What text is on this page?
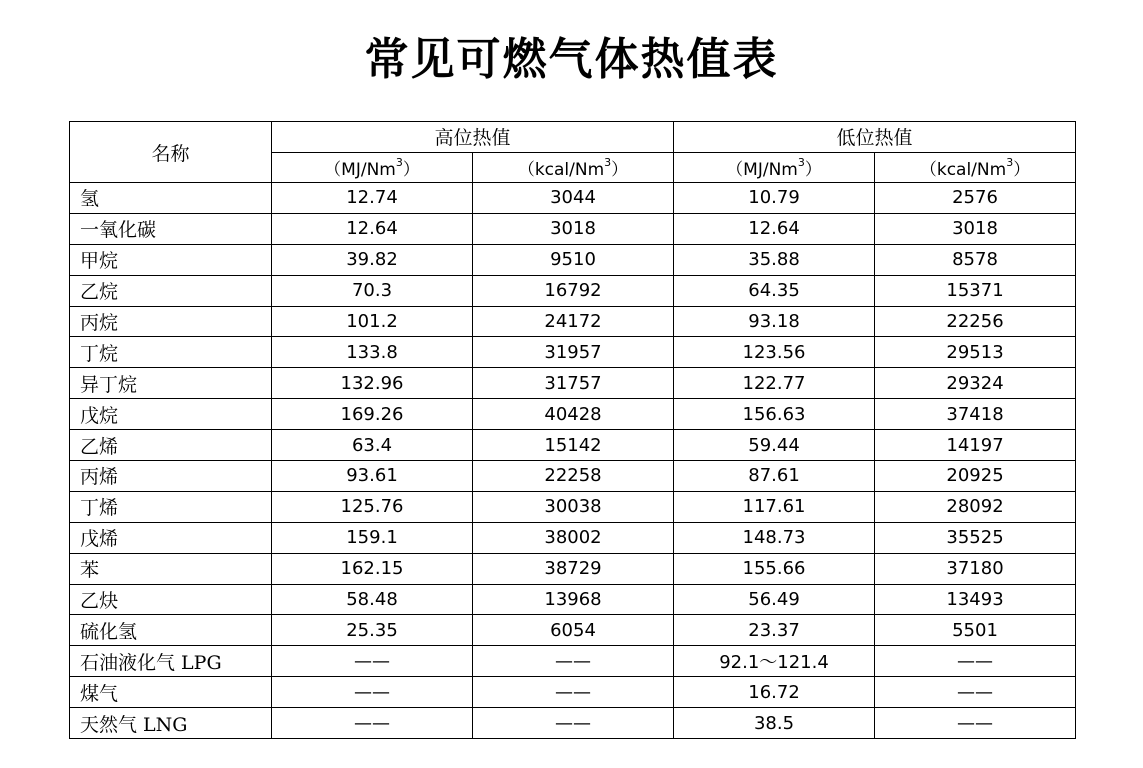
常见可燃气体热值表
名称	高位热值		低位热值	
	（MJ/Nm$^3$）	（kcal/Nm$^3$）	（MJ/Nm$^3$）	（kcal/Nm$^3$）
氢	12.74	3044	10.79	2576
一氧化碳	12.64	3018	12.64	3018
甲烷	39.82	9510	35.88	8578
乙烷	70.3	16792	64.35	15371
丙烷	101.2	24172	93.18	22256
丁烷	133.8	31957	123.56	29513
异丁烷	132.96	31757	122.77	29324
戊烷	169.26	40428	156.63	37418
乙烯	63.4	15142	59.44	14197
丙烯	93.61	22258	87.61	20925
丁烯	125.76	30038	117.61	28092
戊烯	159.1	38002	148.73	35525
苯	162.15	38729	155.66	37180
乙炔	58.48	13968	56.49	13493
硫化氢	25.35	6054	23.37	5501
石油液化气 LPG	——	——	92.1～121.4	——
煤气	——	——	16.72	——
天然气 LNG	——	——	38.5	——
